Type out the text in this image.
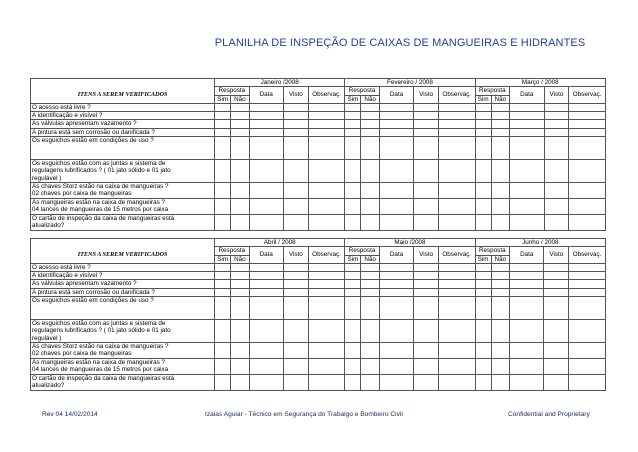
PLANILHA DE INSPEÇÃO DE CAIXAS DE MANGUEIRAS E HIDRANTES
	Janeiro /2008					Fevereiro / 2008					Março / 2008				
ITENS A SEREM VERIFICADOS	Resposta		Data	Visto	Observaç.	Resposta		Data	Visto	Observaç.	Resposta		Data	Visto	Observaç.
	Sim	Não				Sim	Não				Sim	Não			

O acesso está livre ?															

A identificação e visível ?															

As válvulas apresentam vazamento ?															

A pintura está sem corrosão ou danificada ?															

Os esguichos estão em condições de uso ?															

Os esguichos estão com as juntas e sistema de
regulagens lubrificados ? ( 01 jato sólido e 01 jato
regulável )															

As chaves Storz estão na caixa de mangueiras ?
02 chaves por caixa de mangueiras															

As mangueiras estão na caixa de mangueiras ?
04 lances de mangueiras de 15 metros por caixa															

O cartão de inspeção da caixa de mangueiras está
atualizado?															

	Abril / 2008					Maio /2008					Junho / 2008				
ITENS A SEREM VERIFICADOS	Resposta		Data	Visto	Observaç.	Resposta		Data	Visto	Observaç.	Resposta		Data	Visto	Observaç.
	Sim	Não				Sim	Não				Sim	Não			

O acesso está livre ?															

A identificação e visível ?															

As válvulas apresentam vazamento ?															

A pintura está sem corrosão ou danificada ?															

Os esguichos estão em condições de uso ?															

Os esguichos estão com as juntas e sistema de
regulagens lubrificados ? ( 01 jato sólido e 01 jato
regulável )															

As chaves Storz estão na caixa de mangueiras ?
02 chaves por caixa de mangueiras															

As mangueiras estão na caixa de mangueiras ?
04 lances de mangueiras de 15 metros por caixa															

O cartão de inspeção da caixa de mangueiras está
atualizado?															

Rev 04 14/02/2014	Izaias Aguiar - Técnico em Segurança do Trabalgo e Bombeiro Civil	Confidential and Proprietary
